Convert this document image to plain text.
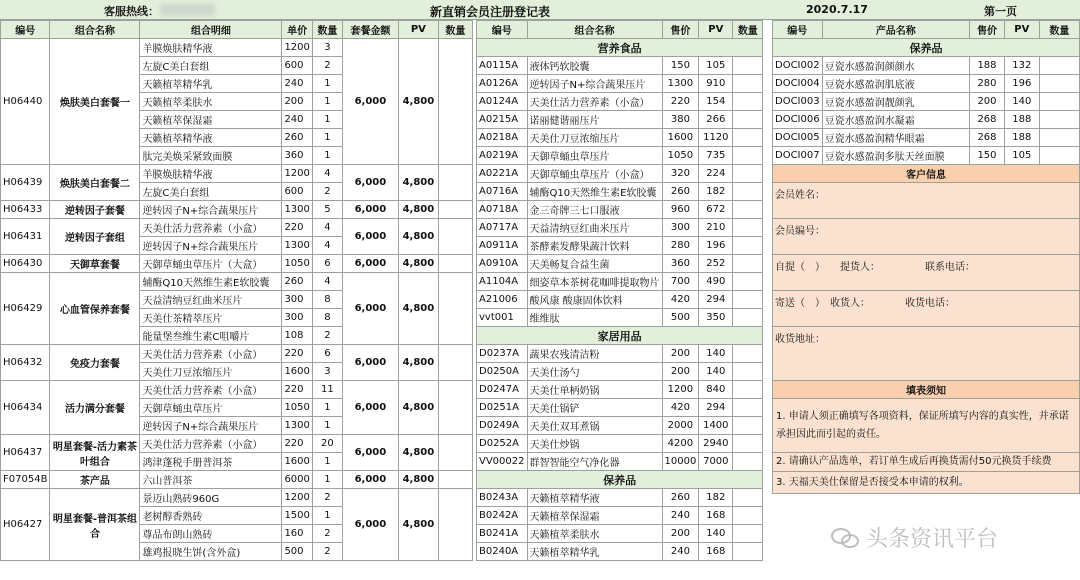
客服热线：	新直销会员注册登记表	2020.7.17	第一页
编号	组合名称	组合明细	单价	数量	套餐金额	PV	数量
H06440	焕肤美白套餐一	羊膜焕肤精华液	1200	3	6,000	4,800	
		左旋C美白套组	600	2			
		天籁植萃精华乳	240	1			
		天籁植萃柔肤水	200	1			
		天籁植萃保湿霜	240	1			
		天籁植萃精华液	260	1			
		肽完美焕采紧致面膜	360	1			
H06439	焕肤美白套餐二	羊膜焕肤精华液	1200	4	6,000	4,800	
		左旋C美白套组	600	2			
H06433	逆转因子套餐	逆转因子N+综合蔬果压片	1300	5	6,000	4,800	
H06431	逆转因子套组	天美仕活力营养素（小盒）	220	4	6,000	4,800	
		逆转因子N+综合蔬果压片	1300	4			
H06430	天御草套餐	天御草蛹虫草压片（大盒）	1050	6	6,000	4,800	
H06429	心血管保养套餐	辅酶Q10天然维生素E软胶囊	260	4	6,000	4,800	
		天益清纳豆红曲米压片	300	8			
		天美仕茶精萃压片	300	8			
		能量堡叁维生素C咀嚼片	108	2			
H06432	免疫力套餐	天美仕活力营养素（小盒）	220	6	6,000	4,800	
		天美仕刀豆浓缩压片	1600	3			
H06434	活力满分套餐	天美仕活力营养素（小盒）	220	11	6,000	4,800	
		天御草蛹虫草压片	1050	1			
		逆转因子N+综合蔬果压片	1300	1			
H06437	明星套餐-活力素茶叶组合	天美仕活力营养素（小盒）	220	20	6,000	4,800	
		鸿津蓬税手册普洱茶	1600	1			
F07054B	茶产品	六山普洱茶	6000	1	6,000	4,800	
H06427	明星套餐-普洱茶组合	景迈山熟砖960G	1200	2	6,000	4,800	
		老树醇香熟砖	1500	1			
		尊品布朗山熟砖	160	2			
		雄鸡报晓生饼(含外盒)	500	2			
编号	组合名称	售价	PV	数量
营养食品				
A0115A	液体钙软胶囊	150	105	
A0126A	逆转因子N+综合蔬果压片	1300	910	
A0124A	天美仕活力营养素（小盒）	220	154	
A0215A	诺丽健谐丽压片	380	266	
A0218A	天美仕刀豆浓缩压片	1600	1120	
A0219A	天御草蛹虫草压片	1050	735	
A0221A	天御草蛹虫草压片（小盒）	320	224	
A0716A	辅酶Q10天然维生素E软胶囊	260	182	
A0718A	金三奇牌三七口服液	960	672	
A0717A	天益清纳豆红曲米压片	300	210	
A0911A	茶酵素发酵果蔬汁饮料	280	196	
A0910A	天美畅复合益生菌	360	252	
A1104A	细姿草本茶树花咖啡提取物片	700	490	
A21006	酸风康 酸康固体饮料	420	294	
vvt001	维维肽	500	350	
家居用品				
D0237A	蔬果农残清洁粉	200	140	
D0250A	天美仕汤勺	200	140	
D0247A	天美仕单柄奶锅	1200	840	
D0251A	天美仕锅铲	420	294	
D0249A	天美仕双耳煮锅	2000	1400	
D0252A	天美仕炒锅	4200	2940	
VV00022	群智智能空气净化器	10000	7000	
保养品				
B0243A	天籁植萃精华液	260	182	
B0242A	天籁植萃保湿霜	240	168	
B0241A	天籁植萃柔肤水	200	140	
B0240A	天籁植萃精华乳	240	168	
编号	产品名称	售价	PV	数量
保养品				
DOCI002	豆瓷水感盈润颜颜水	188	132	
DOCI004	豆瓷水感盈润肌底液	280	196	
DOCI003	豆瓷水感盈润靓颜乳	200	140	
DOCI006	豆瓷水感盈润水凝霜	268	188	
DOCI005	豆瓷水感盈润精华眼霜	268	188	
DOCI007	豆瓷水感盈润多肽天丝面膜	150	105	
客户信息				
会员姓名：				
会员编号：				
自提（　）　　提货人：　　　　　联系电话：				
寄送（　）　收货人：　　　　收货电话：				
收货地址：				
填表须知				
1. 申请人须正确填写各项资料，保证所填写内容的真实性，并承诺承担因此而引起的责任。				
2. 请确认产品选单，若订单生成后再换货需付50元换货手续费				
3. 天福天美仕保留是否接受本申请的权利。				
头条资讯平台
